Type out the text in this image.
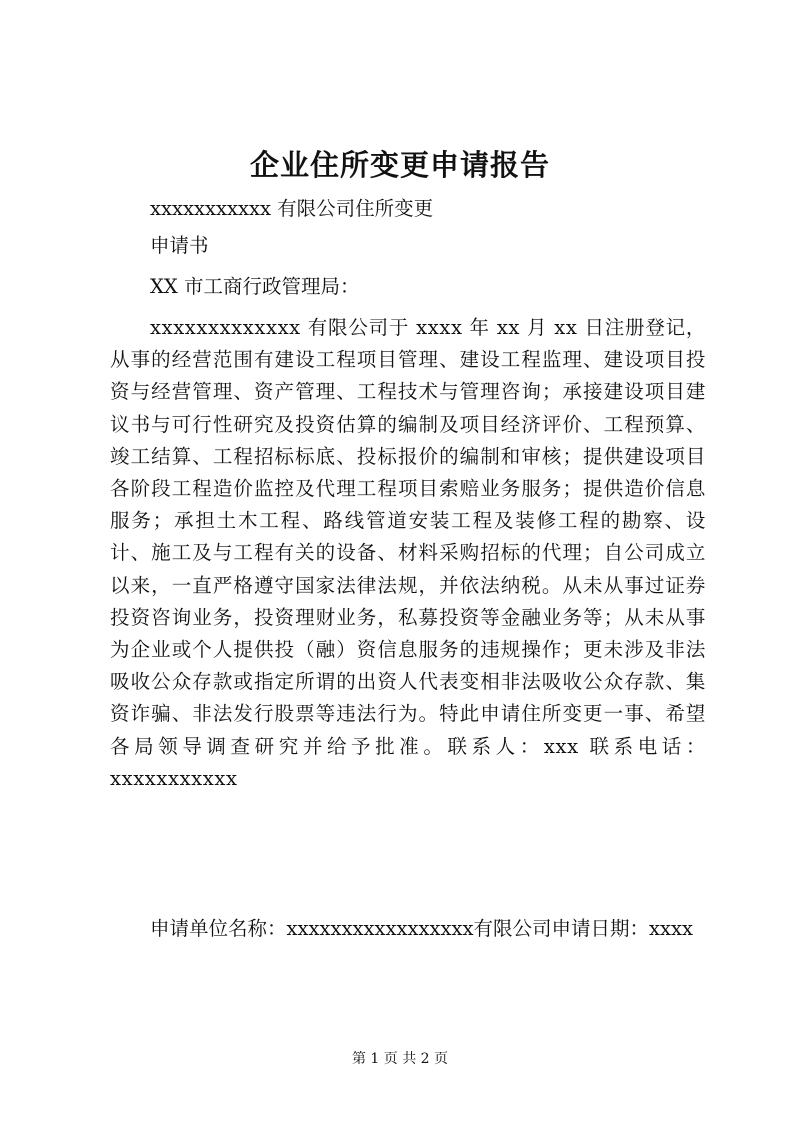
企业住所变更申请报告

xxxxxxxxxxx 有限公司住所变更

申请书

XX 市工商行政管理局：

xxxxxxxxxxxxx 有限公司于 xxxx 年 xx 月 xx 日注册登记，从事的经营范围有建设工程项目管理、建设工程监理、建设项目投资与经营管理、资产管理、工程技术与管理咨询；承接建设项目建议书与可行性研究及投资估算的编制及项目经济评价、工程预算、竣工结算、工程招标标底、投标报价的编制和审核；提供建设项目各阶段工程造价监控及代理工程项目索赔业务服务；提供造价信息服务；承担土木工程、路线管道安装工程及装修工程的勘察、设计、施工及与工程有关的设备、材料采购招标的代理；自公司成立以来，一直严格遵守国家法律法规，并依法纳税。从未从事过证券投资咨询业务，投资理财业务，私募投资等金融业务等；从未从事为企业或个人提供投（融）资信息服务的违规操作；更未涉及非法吸收公众存款或指定所谓的出资人代表变相非法吸收公众存款、集资诈骗、非法发行股票等违法行为。特此申请住所变更一事、希望各局领导调查研究并给予批准。联系人：xxx 联系电话：xxxxxxxxxxx

申请单位名称：xxxxxxxxxxxxxxxxx有限公司申请日期：xxxx

第 1 页 共 2 页
